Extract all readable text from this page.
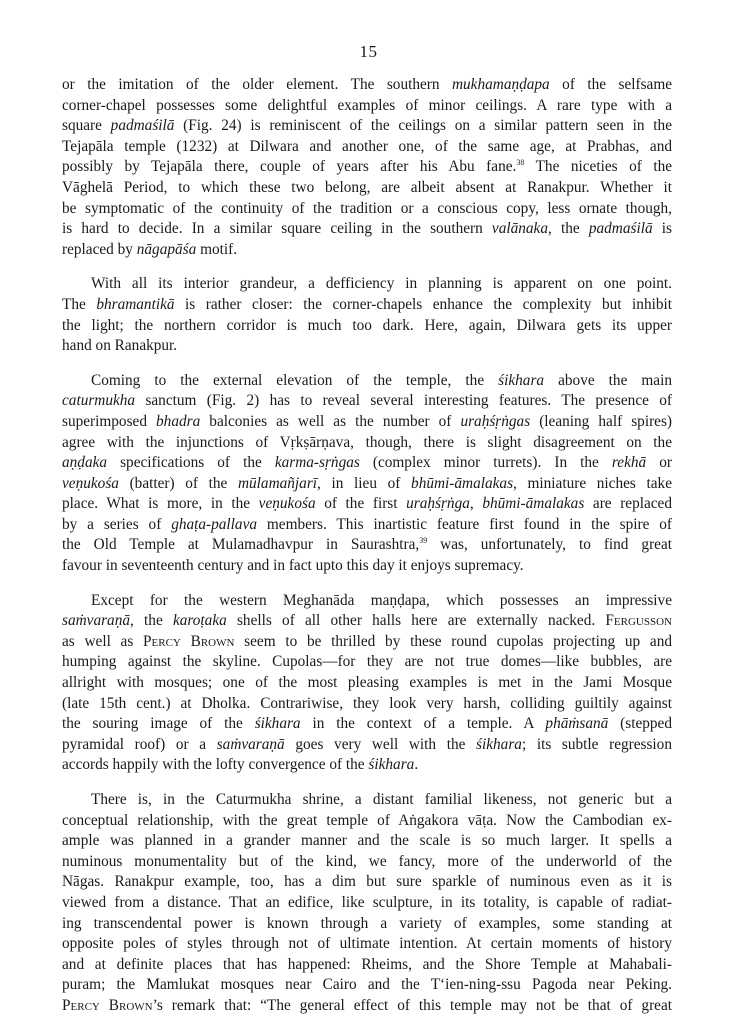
15
or the imitation of the older element. The southern mukhamaṇḍapa of the selfsame
corner-chapel possesses some delightful examples of minor ceilings. A rare type with a
square padmaśilā (Fig. 24) is reminiscent of the ceilings on a similar pattern seen in the
Tejapāla temple (1232) at Dilwara and another one, of the same age, at Prabhas, and
possibly by Tejapāla there, couple of years after his Abu fane.$^{38}$ The niceties of the
Vāghelā Period, to which these two belong, are albeit absent at Ranakpur. Whether it
be symptomatic of the continuity of the tradition or a conscious copy, less ornate though,
is hard to decide. In a similar square ceiling in the southern valānaka, the padmaśilā is
replaced by nāgapāśa motif.
With all its interior grandeur, a defficiency in planning is apparent on one point.
The bhramantikā is rather closer: the corner-chapels enhance the complexity but inhibit
the light; the northern corridor is much too dark. Here, again, Dilwara gets its upper
hand on Ranakpur.
Coming to the external elevation of the temple, the śikhara above the main
caturmukha sanctum (Fig. 2) has to reveal several interesting features. The presence of
superimposed bhadra balconies as well as the number of uraḥśṛṅgas (leaning half spires)
agree with the injunctions of Vṛkṣārṇava, though, there is slight disagreement on the
aṇḍaka specifications of the karma-sṛṅgas (complex minor turrets). In the rekhā or
veṇukośa (batter) of the mūlamañjarī, in lieu of bhūmi-āmalakas, miniature niches take
place. What is more, in the veṇukośa of the first uraḥśṛṅga, bhūmi-āmalakas are replaced
by a series of ghaṭa-pallava members. This inartistic feature first found in the spire of
the Old Temple at Mulamadhavpur in Saurashtra,$^{39}$ was, unfortunately, to find great
favour in seventeenth century and in fact upto this day it enjoys supremacy.
Except for the western Meghanāda maṇḍapa, which possesses an impressive
saṁvaraṇā, the karoṭaka shells of all other halls here are externally nacked. Fergusson
as well as Percy Brown seem to be thrilled by these round cupolas projecting up and
humping against the skyline. Cupolas—for they are not true domes—like bubbles, are
allright with mosques; one of the most pleasing examples is met in the Jami Mosque
(late 15th cent.) at Dholka. Contrariwise, they look very harsh, colliding guiltily against
the souring image of the śikhara in the context of a temple. A phāṁsanā (stepped
pyramidal roof) or a saṁvaraṇā goes very well with the śikhara; its subtle regression
accords happily with the lofty convergence of the śikhara.
There is, in the Caturmukha shrine, a distant familial likeness, not generic but a
conceptual relationship, with the great temple of Aṅgakora vāṭa. Now the Cambodian ex-
ample was planned in a grander manner and the scale is so much larger. It spells a
numinous monumentality but of the kind, we fancy, more of the underworld of the
Nāgas. Ranakpur example, too, has a dim but sure sparkle of numinous even as it is
viewed from a distance. That an edifice, like sculpture, in its totality, is capable of radiat-
ing transcendental power is known through a variety of examples, some standing at
opposite poles of styles through not of ultimate intention. At certain moments of history
and at definite places that has happened: Rheims, and the Shore Temple at Mahabali-
puram; the Mamlukat mosques near Cairo and the T‘ien-ning-ssu Pagoda near Peking.
Percy Brown’s remark that: “The general effect of this temple may not be that of great
